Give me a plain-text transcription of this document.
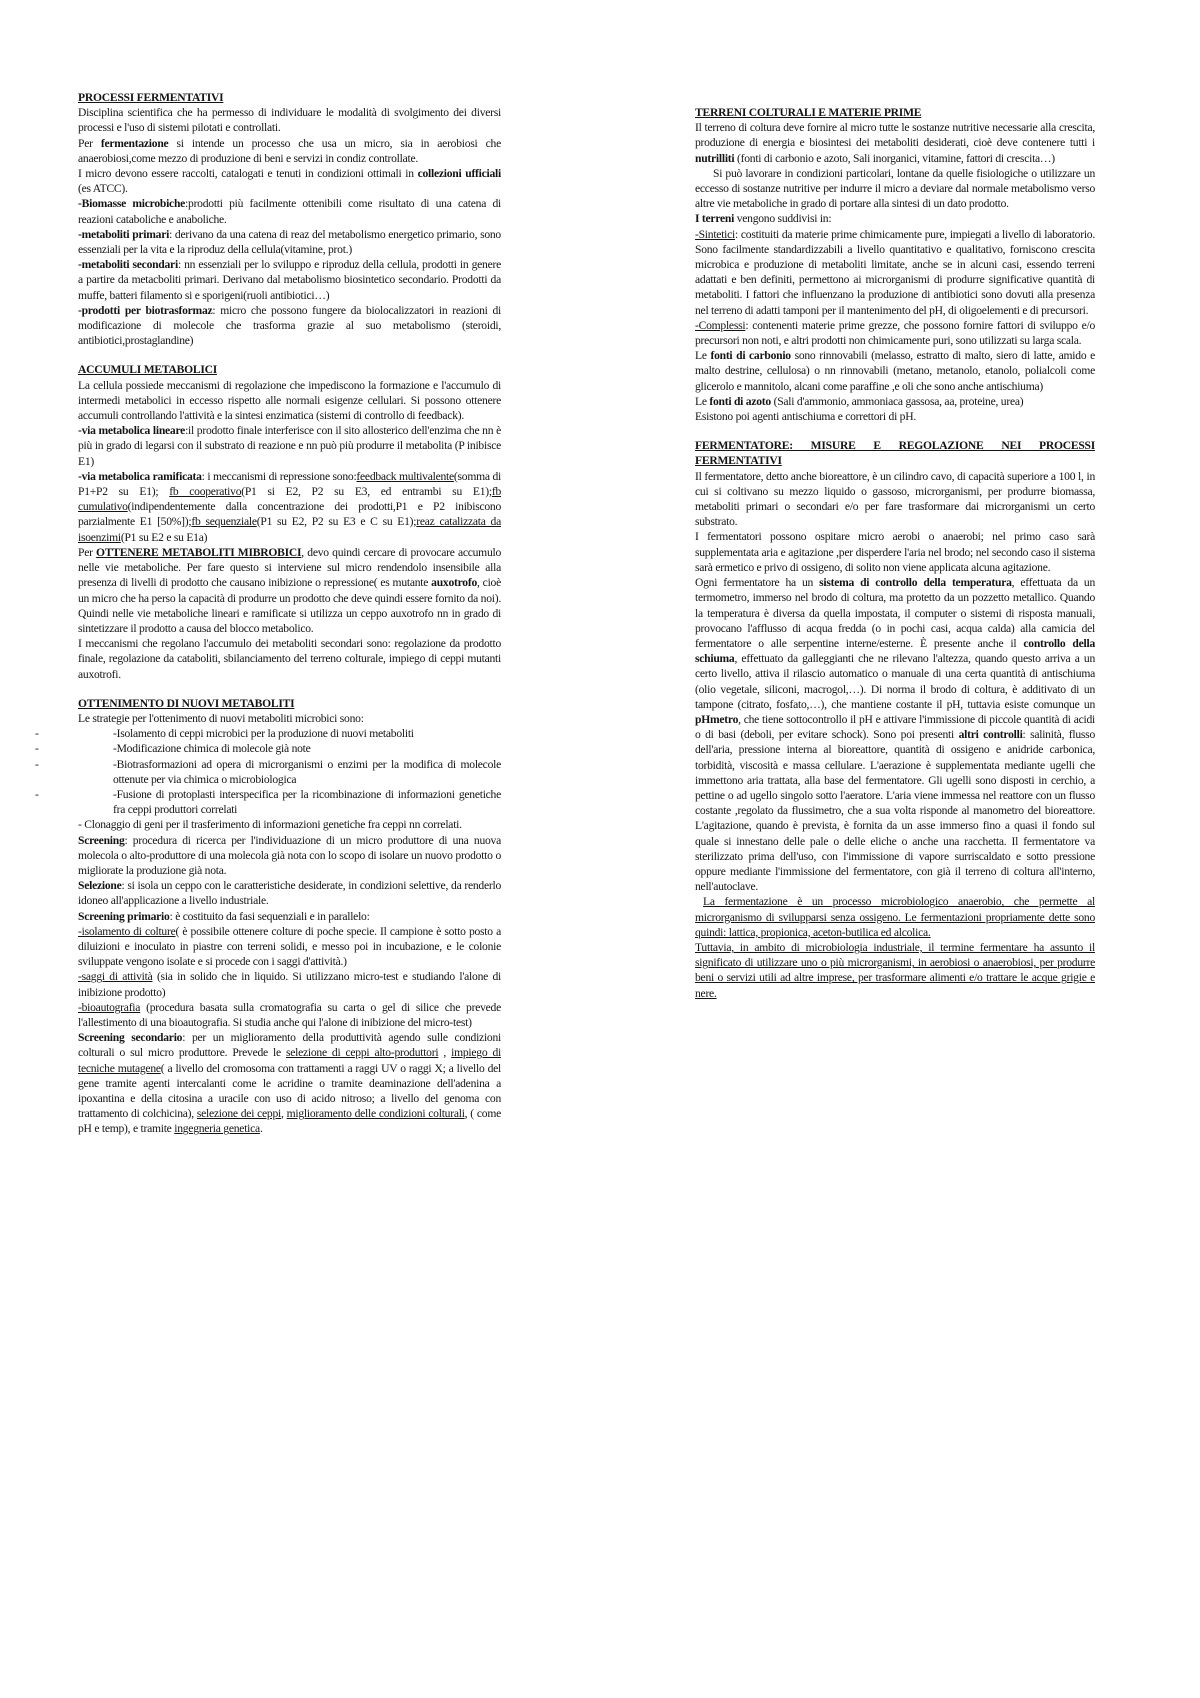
PROCESSI FERMENTATIVI

Disciplina scientifica che ha permesso di individuare le modalità di svolgimento dei diversi processi e l'uso di sistemi pilotati e controllati.

Per fermentazione si intende un processo che usa un micro, sia in aerobiosi che anaerobiosi,come mezzo di produzione di beni e servizi in condiz controllate.

I micro devono essere raccolti, catalogati e tenuti in condizioni ottimali in collezioni ufficiali (es ATCC).

-Biomasse microbiche:prodotti più facilmente ottenibili come risultato di una catena di reazioni cataboliche e anaboliche.

-metaboliti primari: derivano da una catena di reaz del metabolismo energetico primario, sono essenziali per la vita e la riproduz della cellula(vitamine, prot.)

-metaboliti secondari: nn essenziali per lo sviluppo e riproduz della cellula, prodotti in genere a partire da metacboliti primari. Derivano dal metabolismo biosintetico secondario. Prodotti da muffe, batteri filamento si e sporigeni(ruoli antibiotici…)

-prodotti per biotrasformaz: micro che possono fungere da biolocalizzatori in reazioni di modificazione di molecole che trasforma grazie al suo metabolismo (steroidi, antibiotici,prostaglandine)

ACCUMULI METABOLICI

La cellula possiede meccanismi di regolazione che impediscono la formazione e l'accumulo di intermedi metabolici in eccesso rispetto alle normali esigenze cellulari. Si possono ottenere accumuli controllando l'attività e la sintesi enzimatica (sistemi di controllo di feedback).

-via metabolica lineare:il prodotto finale interferisce con il sito allosterico dell'enzima che nn è più in grado di legarsi con il substrato di reazione e nn può più produrre il metabolita (P inibisce E1)

-via metabolica ramificata: i meccanismi di repressione sono:feedback multivalente(somma di P1+P2 su E1); fb cooperativo(P1 si E2, P2 su E3, ed entrambi su E1);fb cumulativo(indipendentemente dalla concentrazione dei prodotti,P1 e P2 inibiscono parzialmente E1 [50%]);fb sequenziale(P1 su E2, P2 su E3 e C su E1);reaz catalizzata da isoenzimi(P1 su E2 e su E1a)

Per OTTENERE METABOLITI MIBROBICI, devo quindi cercare di provocare accumulo nelle vie metaboliche. Per fare questo si interviene sul micro rendendolo insensibile alla presenza di livelli di prodotto che causano inibizione o repressione( es mutante auxotrofo, cioè un micro che ha perso la capacità di produrre un prodotto che deve quindi essere fornito da noi). Quindi nelle vie metaboliche lineari e ramificate si utilizza un ceppo auxotrofo nn in grado di sintetizzare il prodotto a causa del blocco metabolico.

I meccanismi che regolano l'accumulo dei metaboliti secondari sono: regolazione da prodotto finale, regolazione da cataboliti, sbilanciamento del terreno colturale, impiego di ceppi mutanti auxotrofi.

OTTENIMENTO DI NUOVI METABOLITI

Le strategie per l'ottenimento di nuovi metaboliti microbici sono:

-	-Isolamento di ceppi microbici per la produzione di nuovi metaboliti

-	-Modificazione chimica di molecole già note

-	-Biotrasformazioni ad opera di microrganismi o enzimi per la modifica di molecole ottenute per via chimica o microbiologica

-	-Fusione di protoplasti interspecifica per la ricombinazione di informazioni genetiche fra ceppi produttori correlati

- Clonaggio di geni per il trasferimento di informazioni genetiche fra ceppi nn correlati.

Screening: procedura di ricerca per l'individuazione di un micro produttore di una nuova molecola o alto-produttore di una molecola già nota con lo scopo di isolare un nuovo prodotto o migliorate la produzione già nota.

Selezione: si isola un ceppo con le caratteristiche desiderate, in condizioni selettive, da renderlo idoneo all'applicazione a livello industriale.

Screening primario: è costituito da fasi sequenziali e in parallelo:

-isolamento di colture( è possibile ottenere colture di poche specie. Il campione è sotto posto a diluizioni e inoculato in piastre con terreni solidi, e messo poi in incubazione, e le colonie sviluppate vengono isolate e si procede con i saggi d'attività.)

-saggi di attività (sia in solido che in liquido. Si utilizzano micro-test e studiando l'alone di inibizione prodotto)

-bioautografia (procedura basata sulla cromatografia su carta o gel di silice che prevede l'allestimento di una bioautografia. Si studia anche qui l'alone di inibizione del micro-test)

Screening secondario: per un miglioramento della produttività agendo sulle condizioni colturali o sul micro produttore. Prevede le selezione di ceppi alto-produttori , impiego di tecniche mutagene( a livello del cromosoma con trattamenti a raggi UV o raggi X; a livello del gene tramite agenti intercalanti come le acridine o tramite deaminazione dell'adenina a ipoxantina e della citosina a uracile con uso di acido nitroso; a livello del genoma con trattamento di colchicina), selezione dei ceppi, miglioramento delle condizioni colturali, ( come pH e temp), e tramite ingegneria genetica.

TERRENI COLTURALI E MATERIE PRIME

Il terreno di coltura deve fornire al micro tutte le sostanze nutritive necessarie alla crescita, produzione di energia e biosintesi dei metaboliti desiderati, cioè deve contenere tutti i nutrilliti (fonti di carbonio e azoto, Sali inorganici, vitamine, fattori di crescita…)

Si può lavorare in condizioni particolari, lontane da quelle fisiologiche o utilizzare un eccesso di sostanze nutritive per indurre il micro a deviare dal normale metabolismo verso altre vie metaboliche in grado di portare alla sintesi di un dato prodotto.

I terreni vengono suddivisi in:

-Sintetici: costituiti da materie prime chimicamente pure, impiegati a livello di laboratorio. Sono facilmente standardizzabili a livello quantitativo e qualitativo, forniscono crescita microbica e produzione di metaboliti limitate, anche se in alcuni casi, essendo terreni adattati e ben definiti, permettono ai microrganismi di produrre significative quantità di metaboliti. I fattori che influenzano la produzione di antibiotici sono dovuti alla presenza nel terreno di adatti tamponi per il mantenimento del pH, di oligoelementi e di precursori.

-Complessi: contenenti materie prime grezze, che possono fornire fattori di sviluppo e/o precursori non noti, e altri prodotti non chimicamente puri, sono utilizzati su larga scala.

Le fonti di carbonio sono rinnovabili (melasso, estratto di malto, siero di latte, amido e malto destrine, cellulosa) o nn rinnovabili (metano, metanolo, etanolo, polialcoli come glicerolo e mannitolo, alcani come paraffine ,e oli che sono anche antischiuma)

Le fonti di azoto (Sali d'ammonio, ammoniaca gassosa, aa, proteine, urea)

Esistono poi agenti antischiuma e correttori di pH.

FERMENTATORE: MISURE E REGOLAZIONE NEI PROCESSI FERMENTATIVI

Il fermentatore, detto anche bioreattore, è un cilindro cavo, di capacità superiore a 100 l, in cui si coltivano su mezzo liquido o gassoso, microrganismi, per produrre biomassa, metaboliti primari o secondari e/o per fare trasformare dai microrganismi un certo substrato.

I fermentatori possono ospitare micro aerobi o anaerobi; nel primo caso sarà supplementata aria e agitazione ,per disperdere l'aria nel brodo; nel secondo caso il sistema sarà ermetico e privo di ossigeno, di solito non viene applicata alcuna agitazione.

Ogni fermentatore ha un sistema di controllo della temperatura, effettuata da un termometro, immerso nel brodo di coltura, ma protetto da un pozzetto metallico. Quando la temperatura è diversa da quella impostata, il computer o sistemi di risposta manuali, provocano l'afflusso di acqua fredda (o in pochi casi, acqua calda) alla camicia del fermentatore o alle serpentine interne/esterne. È presente anche il controllo della schiuma, effettuato da galleggianti che ne rilevano l'altezza, quando questo arriva a un certo livello, attiva il rilascio automatico o manuale di una certa quantità di antischiuma (olio vegetale, siliconi, macrogol,…). Di norma il brodo di coltura, è additivato di un tampone (citrato, fosfato,…), che mantiene costante il pH, tuttavia esiste comunque un pHmetro, che tiene sottocontrollo il pH e attivare l'immissione di piccole quantità di acidi o di basi (deboli, per evitare schock). Sono poi presenti altri controlli: salinità, flusso dell'aria, pressione interna al bioreattore, quantità di ossigeno e anidride carbonica, torbidità, viscosità e massa cellulare. L'aerazione è supplementata mediante ugelli che immettono aria trattata, alla base del fermentatore. Gli ugelli sono disposti in cerchio, a pettine o ad ugello singolo sotto l'aeratore. L'aria viene immessa nel reattore con un flusso costante ,regolato da flussimetro, che a sua volta risponde al manometro del bioreattore. L'agitazione, quando è prevista, è fornita da un asse immerso fino a quasi il fondo sul quale si innestano delle pale o delle eliche o anche una racchetta. Il fermentatore va sterilizzato prima dell'uso, con l'immissione di vapore surriscaldato e sotto pressione oppure mediante l'immissione del fermentatore, con già il terreno di coltura all'interno, nell'autoclave.

La fermentazione è un processo microbiologico anaerobio, che permette al microrganismo di svilupparsi senza ossigeno. Le fermentazioni propriamente dette sono quindi: lattica, propionica, aceton-butilica ed alcolica.

Tuttavia, in ambito di microbiologia industriale, il termine fermentare ha assunto il significato di utilizzare uno o più microrganismi, in aerobiosi o anaerobiosi, per produrre beni o servizi utili ad altre imprese, per trasformare alimenti e/o trattare le acque grigie e nere.
